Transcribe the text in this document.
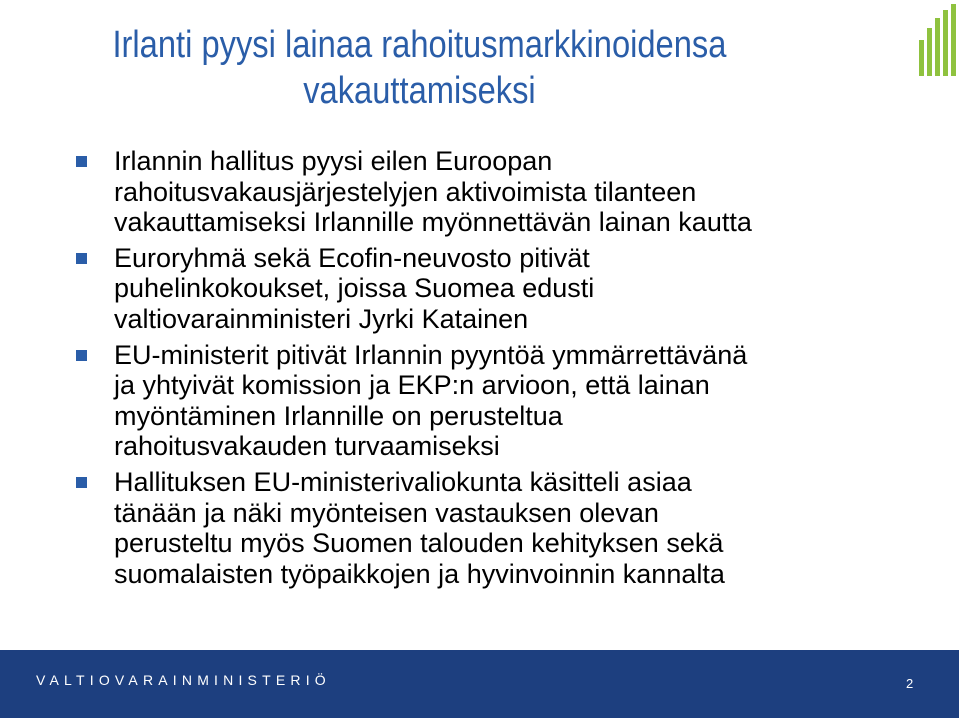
Irlanti pyysi lainaa rahoitusmarkkinoidensa
vakauttamiseksi
Irlannin hallitus pyysi eilen Euroopan
rahoitusvakausjärjestelyjen aktivoimista tilanteen
vakauttamiseksi Irlannille myönnettävän lainan kautta
Euroryhmä sekä Ecofin-neuvosto pitivät
puhelinkokoukset, joissa Suomea edusti
valtiovarainministeri Jyrki Katainen
EU-ministerit pitivät Irlannin pyyntöä ymmärrettävänä
ja yhtyivät komission ja EKP:n arvioon, että lainan
myöntäminen Irlannille on perusteltua
rahoitusvakauden turvaamiseksi
Hallituksen EU-ministerivaliokunta käsitteli asiaa
tänään ja näki myönteisen vastauksen olevan
perusteltu myös Suomen talouden kehityksen sekä
suomalaisten työpaikkojen ja hyvinvoinnin kannalta
VALTIOVARAINMINISTERIÖ	2
